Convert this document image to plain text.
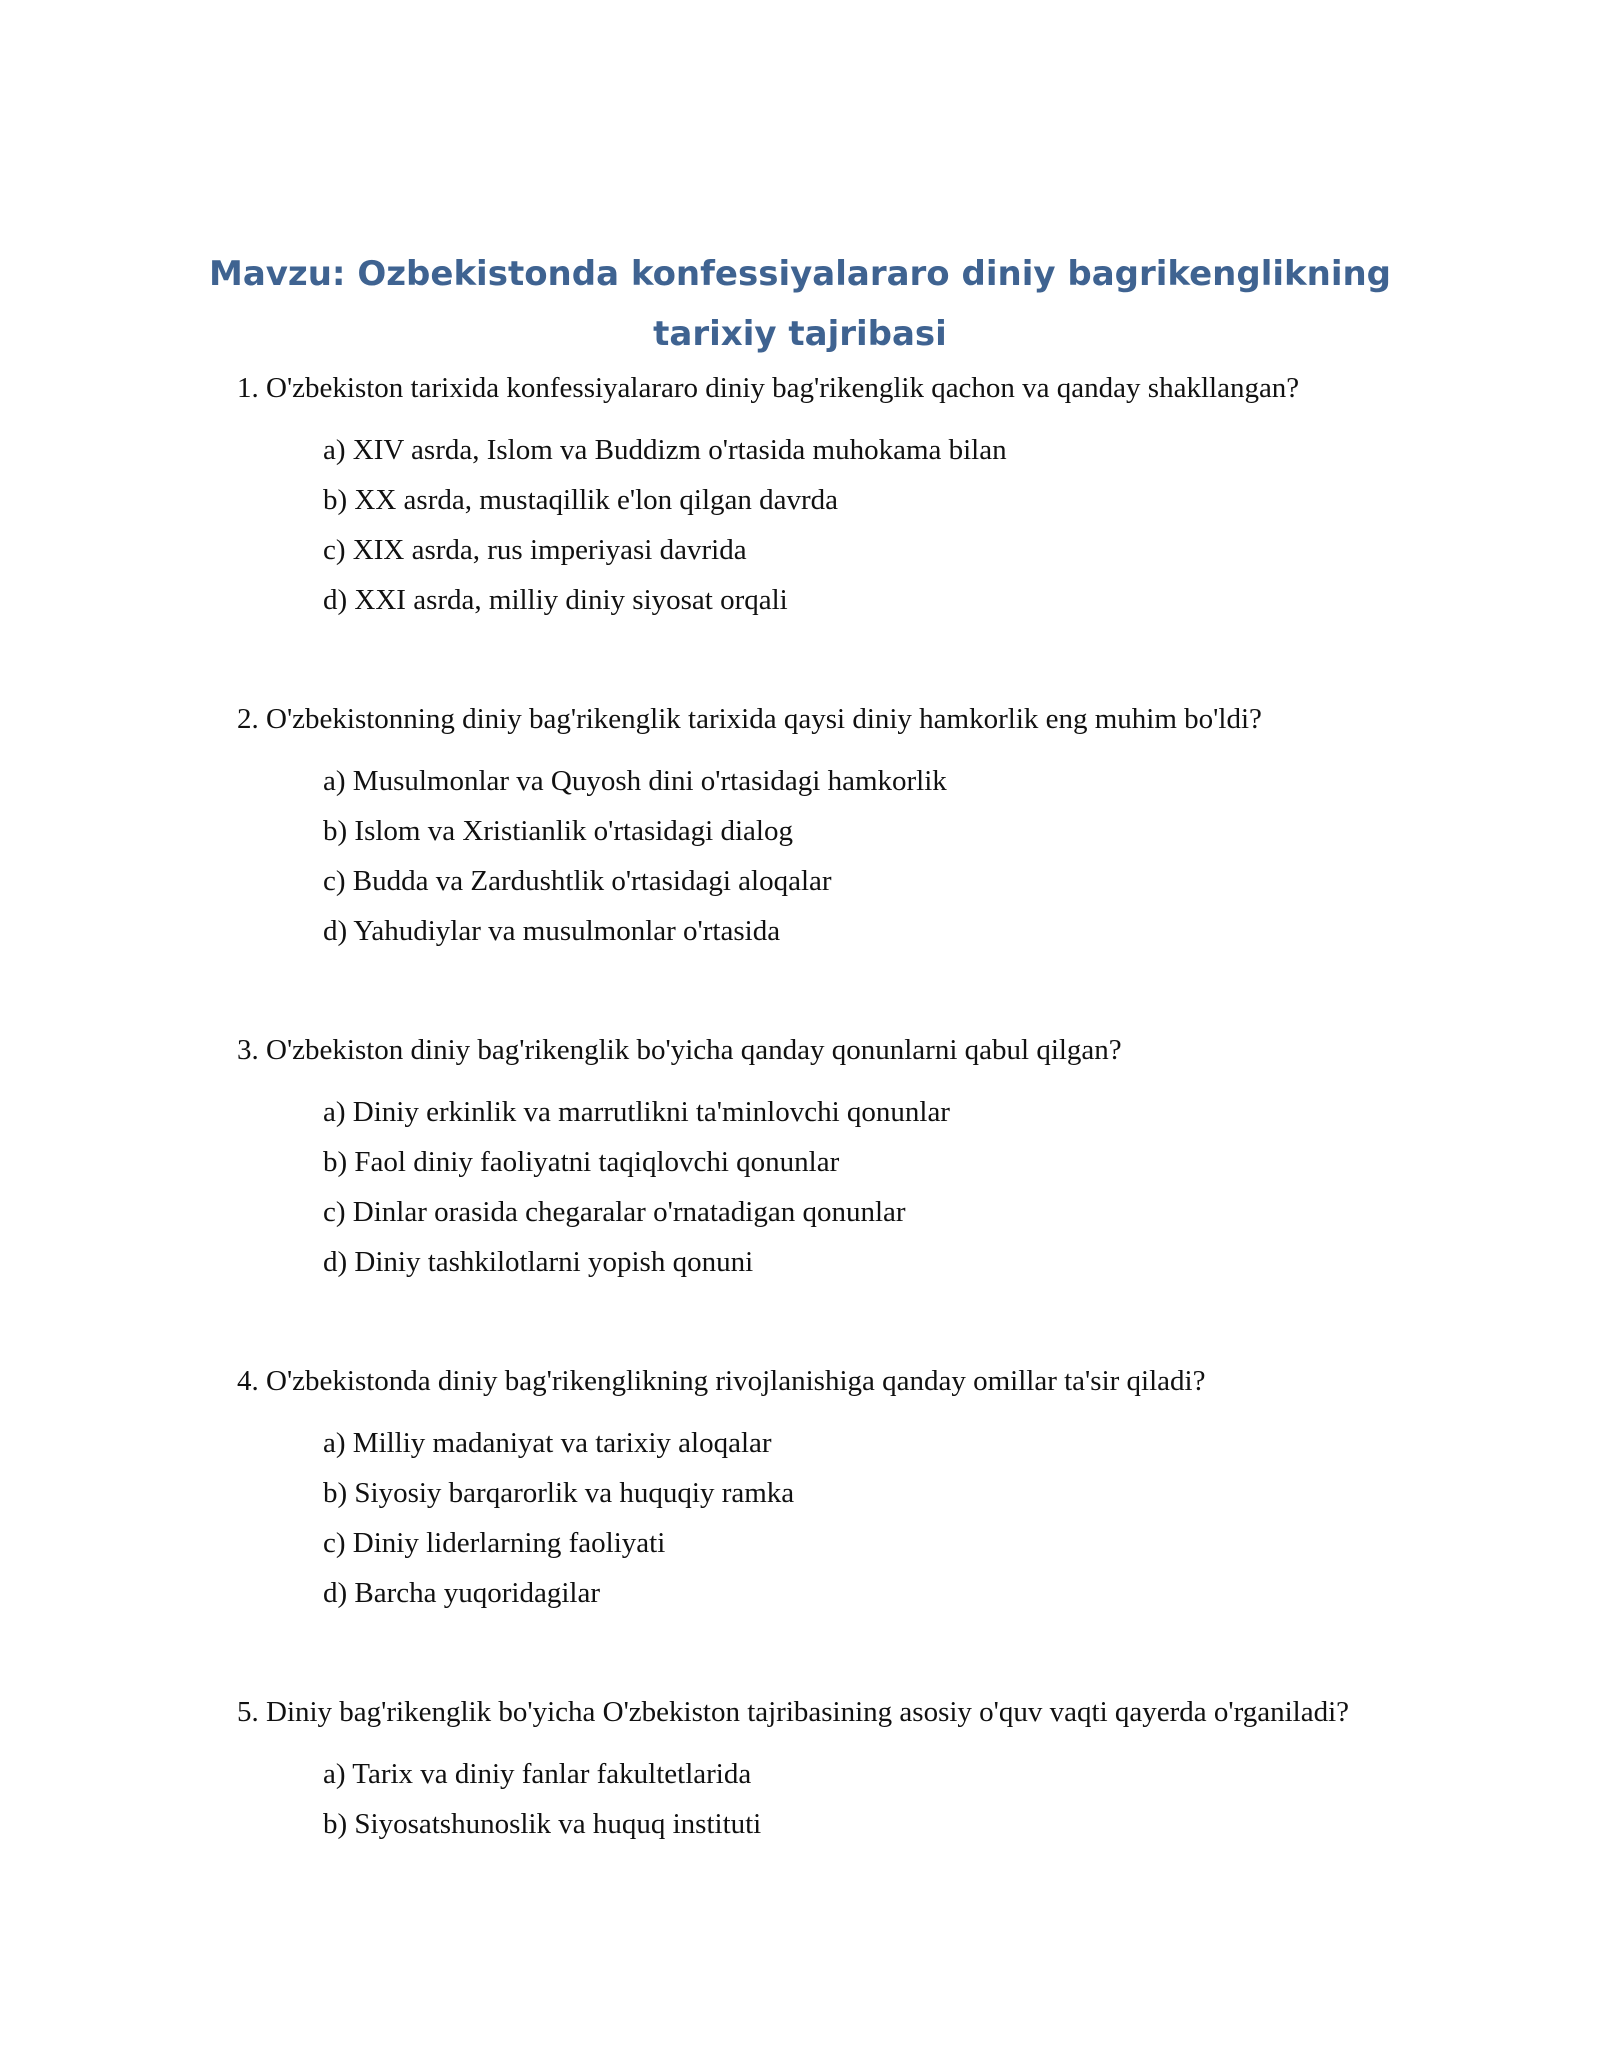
Mavzu: Ozbekistonda konfessiyalararo diniy bagrikenglikning
tarixiy tajribasi

1. O'zbekiston tarixida konfessiyalararo diniy bag'rikenglik qachon va qanday shakllangan?

a) XIV asrda, Islom va Buddizm o'rtasida muhokama bilan
b) XX asrda, mustaqillik e'lon qilgan davrda
c) XIX asrda, rus imperiyasi davrida
d) XXI asrda, milliy diniy siyosat orqali

2. O'zbekistonning diniy bag'rikenglik tarixida qaysi diniy hamkorlik eng muhim bo'ldi?

a) Musulmonlar va Quyosh dini o'rtasidagi hamkorlik
b) Islom va Xristianlik o'rtasidagi dialog
c) Budda va Zardushtlik o'rtasidagi aloqalar
d) Yahudiylar va musulmonlar o'rtasida

3. O'zbekiston diniy bag'rikenglik bo'yicha qanday qonunlarni qabul qilgan?

a) Diniy erkinlik va marrutlikni ta'minlovchi qonunlar
b) Faol diniy faoliyatni taqiqlovchi qonunlar
c) Dinlar orasida chegaralar o'rnatadigan qonunlar
d) Diniy tashkilotlarni yopish qonuni

4. O'zbekistonda diniy bag'rikenglikning rivojlanishiga qanday omillar ta'sir qiladi?

a) Milliy madaniyat va tarixiy aloqalar
b) Siyosiy barqarorlik va huquqiy ramka
c) Diniy liderlarning faoliyati
d) Barcha yuqoridagilar

5. Diniy bag'rikenglik bo'yicha O'zbekiston tajribasining asosiy o'quv vaqti qayerda o'rganiladi?

a) Tarix va diniy fanlar fakultetlarida
b) Siyosatshunoslik va huquq instituti
